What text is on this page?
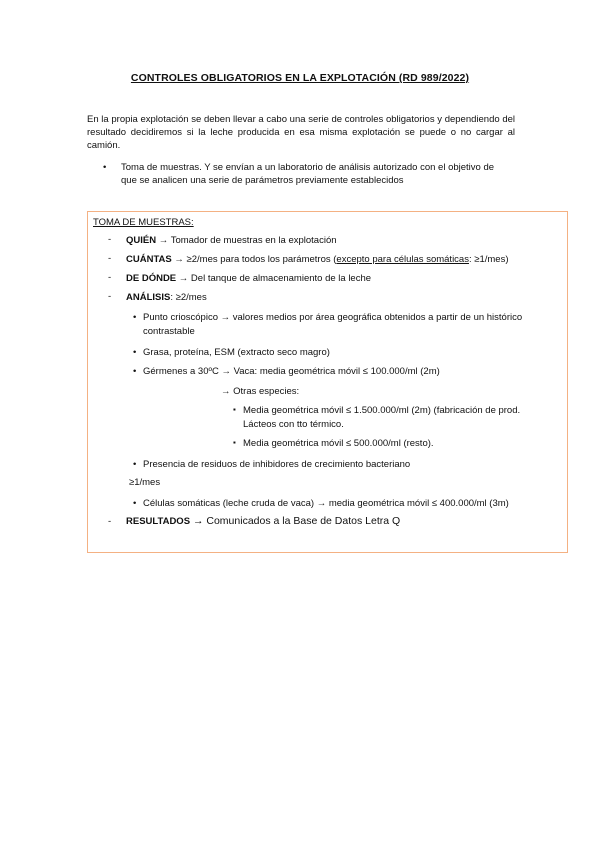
CONTROLES OBLIGATORIOS EN LA EXPLOTACIÓN (RD 989/2022)
En la propia explotación se deben llevar a cabo una serie de controles obligatorios y dependiendo del resultado decidiremos si la leche producida en esa misma explotación se puede o no cargar al camión.
• Toma de muestras. Y se envían a un laboratorio de análisis autorizado con el objetivo de
que se analicen una serie de parámetros previamente establecidos
TOMA DE MUESTRAS:
- QUIÉN → Tomador de muestras en la explotación
- CUÁNTAS → ≥2/mes para todos los parámetros (excepto para células somáticas: ≥1/mes)
- DE DÓNDE → Del tanque de almacenamiento de la leche
- ANÁLISIS: ≥2/mes
• Punto crioscópico → valores medios por área geográfica obtenidos a partir de un histórico
contrastable
• Grasa, proteína, ESM (extracto seco magro)
• Gérmenes a 30ºC → Vaca: media geométrica móvil ≤ 100.000/ml (2m)
→ Otras especies:
▪ Media geométrica móvil ≤ 1.500.000/ml (2m) (fabricación de prod.
Lácteos con tto térmico.
▪ Media geométrica móvil ≤ 500.000/ml (resto).
• Presencia de residuos de inhibidores de crecimiento bacteriano
≥1/mes
• Células somáticas (leche cruda de vaca) → media geométrica móvil ≤ 400.000/ml (3m)
- RESULTADOS → Comunicados a la Base de Datos Letra Q
